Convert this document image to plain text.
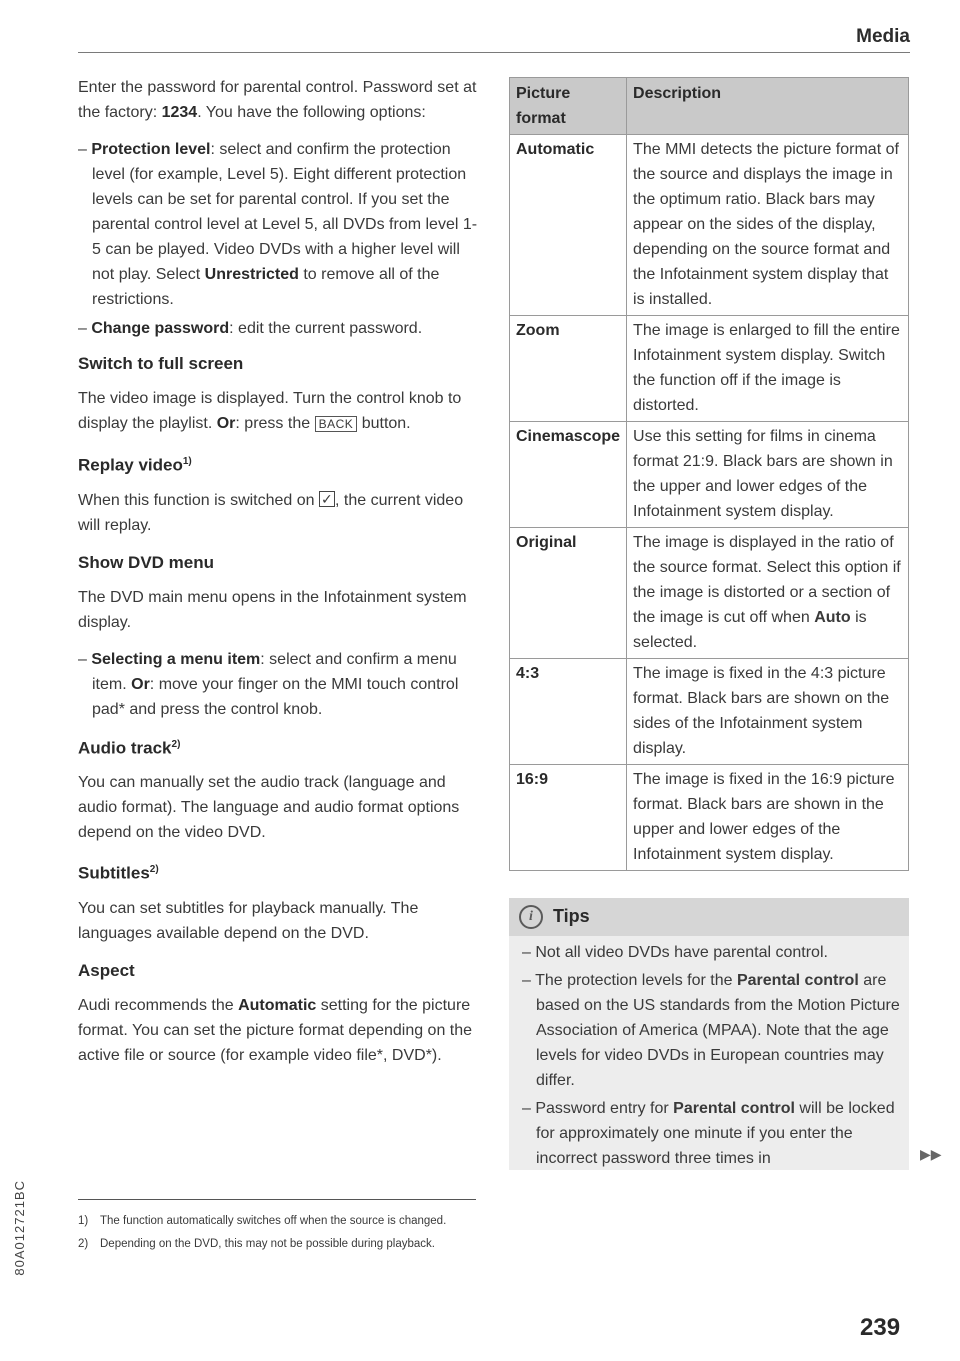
Media

Enter the password for parental control. Password set at the factory: 1234. You have the following options:

– Protection level: select and confirm the protection level (for example, Level 5). Eight different protection levels can be set for parental control. If you set the parental control level at Level 5, all DVDs from level 1-5 can be played. Video DVDs with a higher level will not play. Select Unrestricted to remove all of the restrictions.

– Change password: edit the current password.

Switch to full screen

The video image is displayed. Turn the control knob to display the playlist. Or: press the BACK button.

Replay video$^{1)}$

When this function is switched on ✓, the current video will replay.

Show DVD menu

The DVD main menu opens in the Infotainment system display.

– Selecting a menu item: select and confirm a menu item. Or: move your finger on the MMI touch control pad* and press the control knob.

Audio track$^{2)}$

You can manually set the audio track (language and audio format). The language and audio format options depend on the video DVD.

Subtitles$^{2)}$

You can set subtitles for playback manually. The languages available depend on the DVD.

Aspect

Audi recommends the Automatic setting for the picture format. You can set the picture format depending on the active file or source (for example video file*, DVD*).

1)	The function automatically switches off when the source is changed.
2)	Depending on the DVD, this may not be possible during playback.
80A012721BC
Picture format	Description
Automatic	The MMI detects the picture format of the source and displays the image in the optimum ratio. Black bars may appear on the sides of the display, depending on the source format and the Infotainment system display that is installed.
Zoom	The image is enlarged to fill the entire Infotainment system display. Switch the function off if the image is distorted.
Cinemascope	Use this setting for films in cinema format 21:9. Black bars are shown in the upper and lower edges of the Infotainment system display.
Original	The image is displayed in the ratio of the source format. Select this option if the image is distorted or a section of the image is cut off when Auto is selected.
4:3	The image is fixed in the 4:3 picture format. Black bars are shown on the sides of the Infotainment system display.
16:9	The image is fixed in the 16:9 picture format. Black bars are shown in the upper and lower edges of the Infotainment system display.
i	Tips
– Not all video DVDs have parental control.
– The protection levels for the Parental control are based on the US standards from the Motion Picture Association of America (MPAA). Note that the age levels for video DVDs in European countries may differ.
– Password entry for Parental control will be locked for approximately one minute if you enter the incorrect password three times in	▶▶
239
